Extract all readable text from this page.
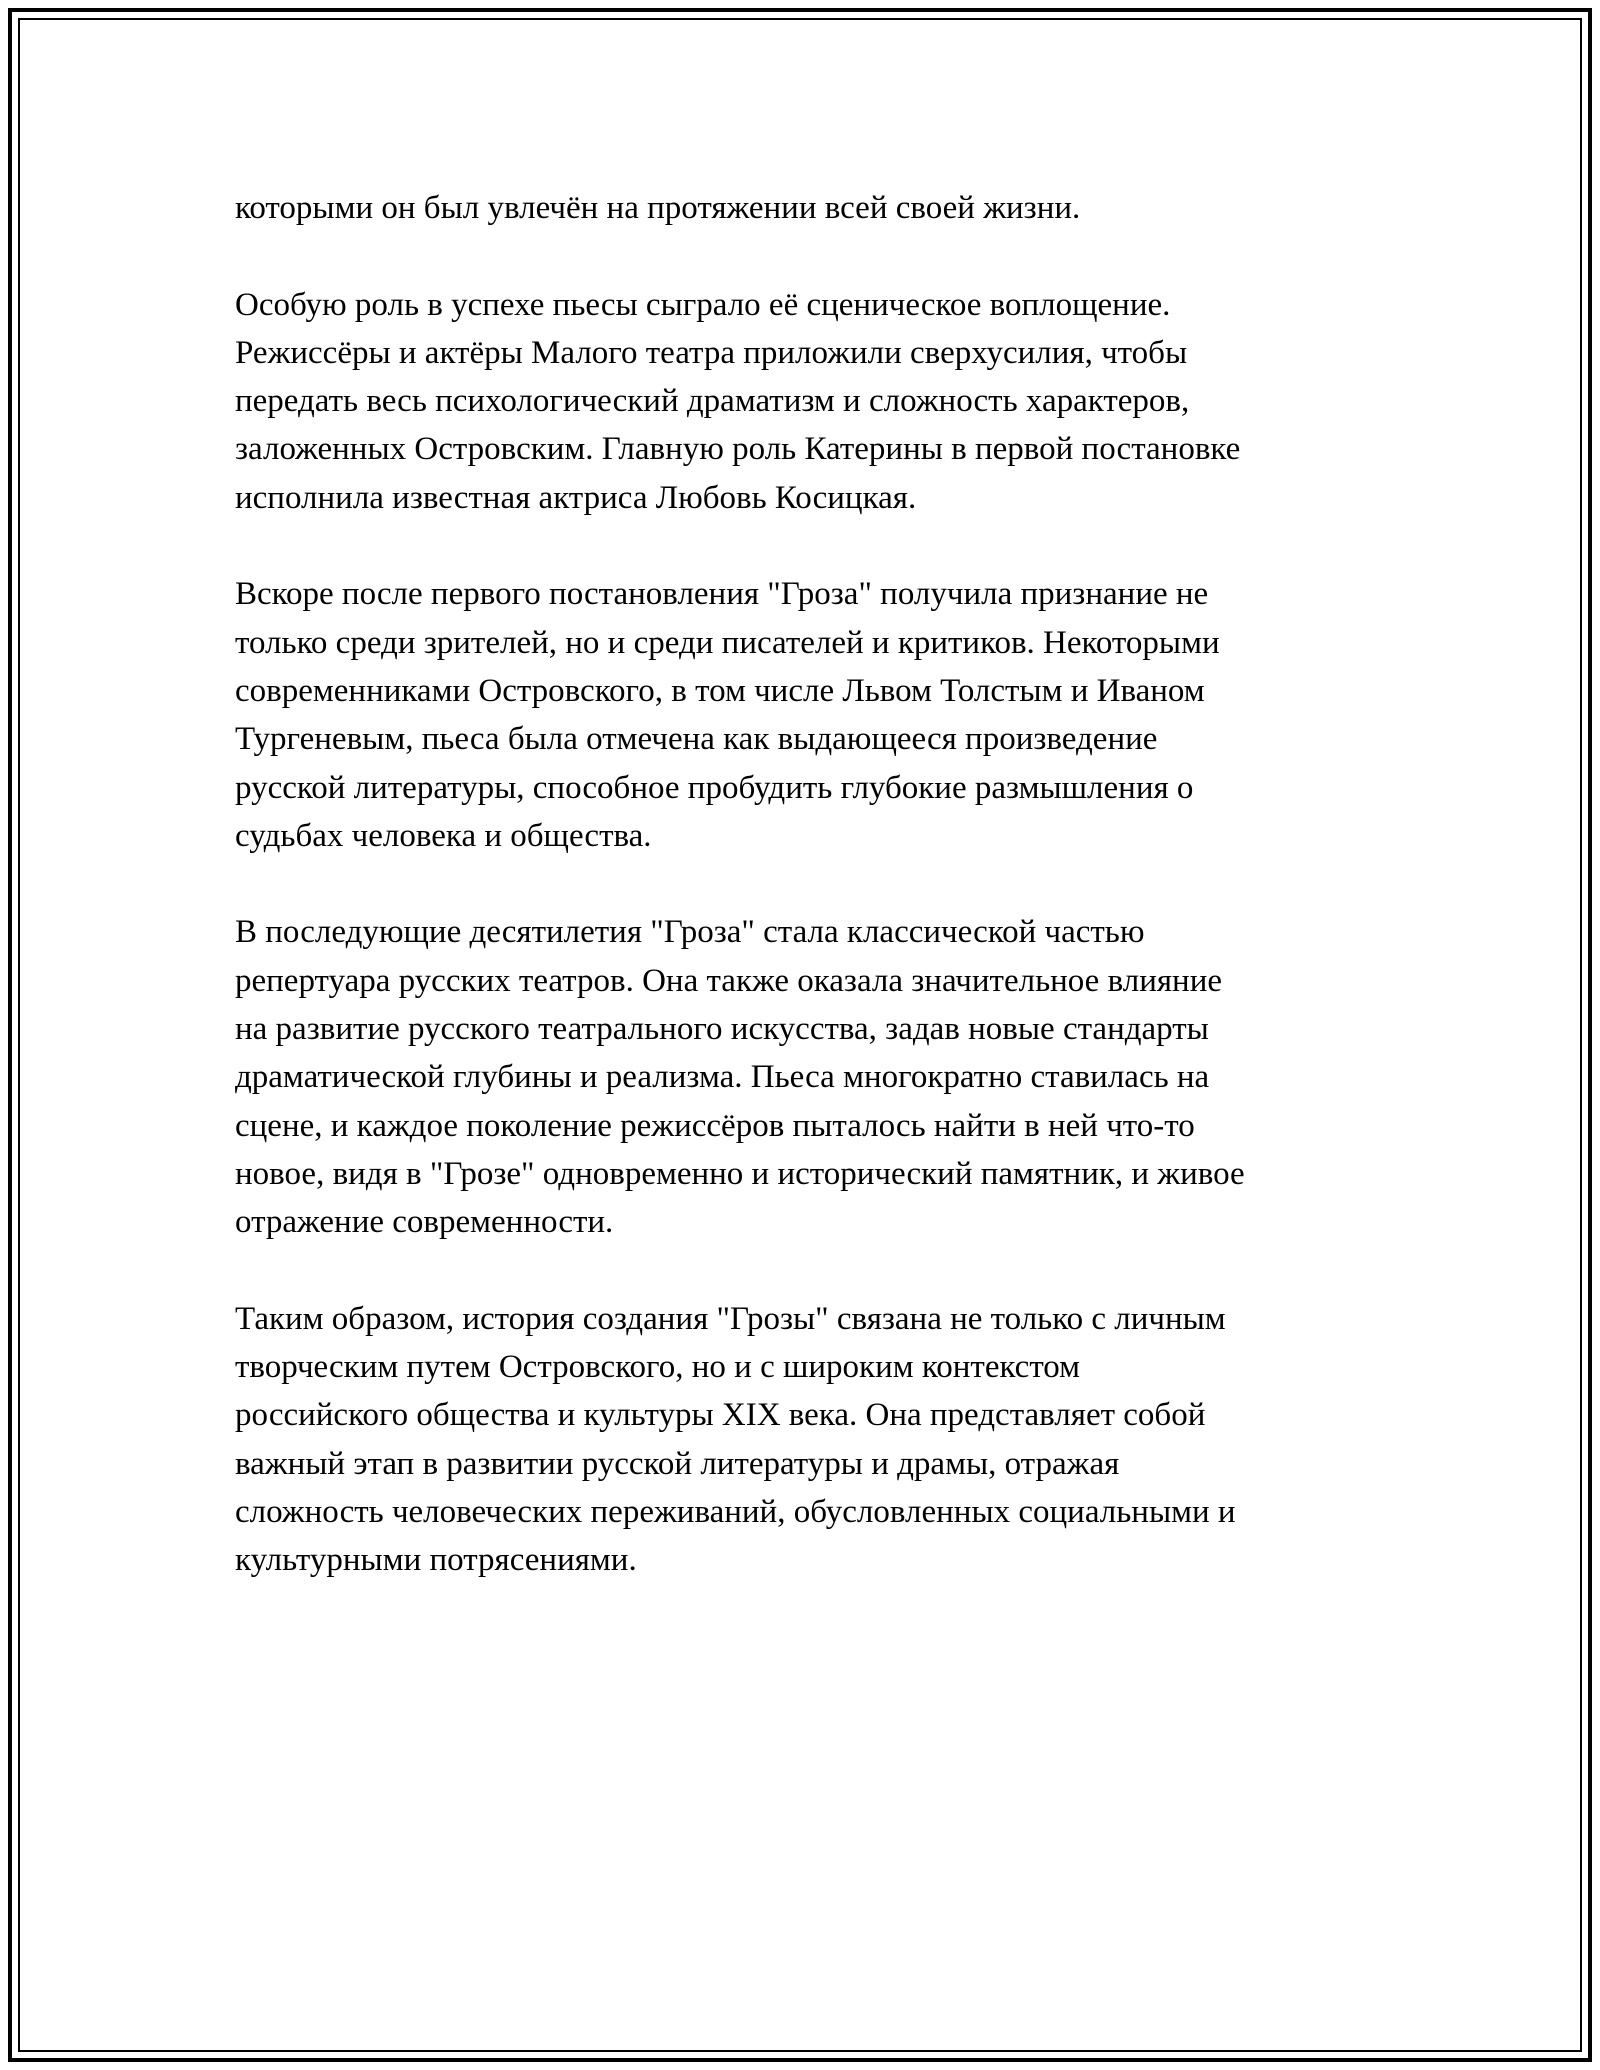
которыми он был увлечён на протяжении всей своей жизни.

Особую роль в успехе пьесы сыграло её сценическое воплощение.
Режиссёры и актёры Малого театра приложили сверхусилия, чтобы
передать весь психологический драматизм и сложность характеров,
заложенных Островским. Главную роль Катерины в первой постановке
исполнила известная актриса Любовь Косицкая.

Вскоре после первого постановления "Гроза" получила признание не
только среди зрителей, но и среди писателей и критиков. Некоторыми
современниками Островского, в том числе Львом Толстым и Иваном
Тургеневым, пьеса была отмечена как выдающееся произведение
русской литературы, способное пробудить глубокие размышления о
судьбах человека и общества.

В последующие десятилетия "Гроза" стала классической частью
репертуара русских театров. Она также оказала значительное влияние
на развитие русского театрального искусства, задав новые стандарты
драматической глубины и реализма. Пьеса многократно ставилась на
сцене, и каждое поколение режиссёров пыталось найти в ней что-то
новое, видя в "Грозе" одновременно и исторический памятник, и живое
отражение современности.

Таким образом, история создания "Грозы" связана не только с личным
творческим путем Островского, но и с широким контекстом
российского общества и культуры XIX века. Она представляет собой
важный этап в развитии русской литературы и драмы, отражая
сложность человеческих переживаний, обусловленных социальными и
культурными потрясениями.
